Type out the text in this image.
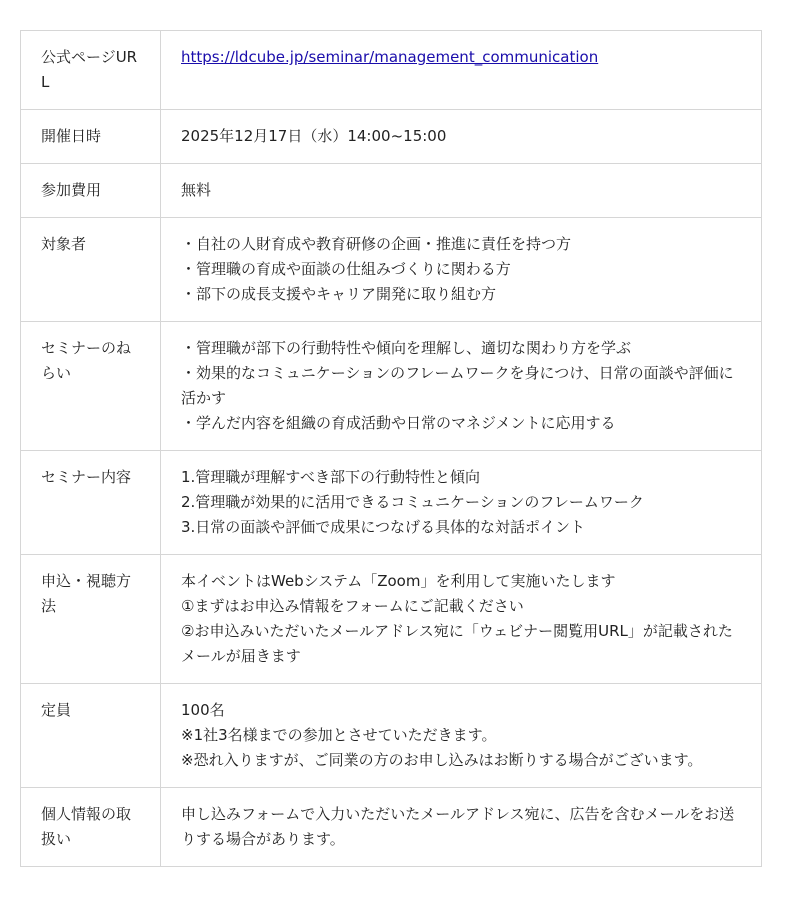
公式ページURL	https://ldcube.jp/seminar/management_communication
開催日時	2025年12月17日（水）14:00~15:00

参加費用	無料

対象者	・自社の人財育成や教育研修の企画・推進に責任を持つ方
・管理職の育成や面談の仕組みづくりに関わる方
・部下の成長支援やキャリア開発に取り組む方

セミナーのねらい	・管理職が部下の行動特性や傾向を理解し、適切な関わり方を学ぶ
・効果的なコミュニケーションのフレームワークを身につけ、日常の面談や評価に活かす
・学んだ内容を組織の育成活動や日常のマネジメントに応用する

セミナー内容	1.管理職が理解すべき部下の行動特性と傾向
2.管理職が効果的に活用できるコミュニケーションのフレームワーク
3.日常の面談や評価で成果につなげる具体的な対話ポイント

申込・視聴方法	本イベントはWebシステム「Zoom」を利用して実施いたします
①まずはお申込み情報をフォームにご記載ください
②お申込みいただいたメールアドレス宛に「ウェビナー閲覧用URL」が記載されたメールが届きます

定員	100名
※1社3名様までの参加とさせていただきます。
※恐れ入りますが、ご同業の方のお申し込みはお断りする場合がございます。

個人情報の取扱い	申し込みフォームで入力いただいたメールアドレス宛に、広告を含むメールをお送りする場合があります。
